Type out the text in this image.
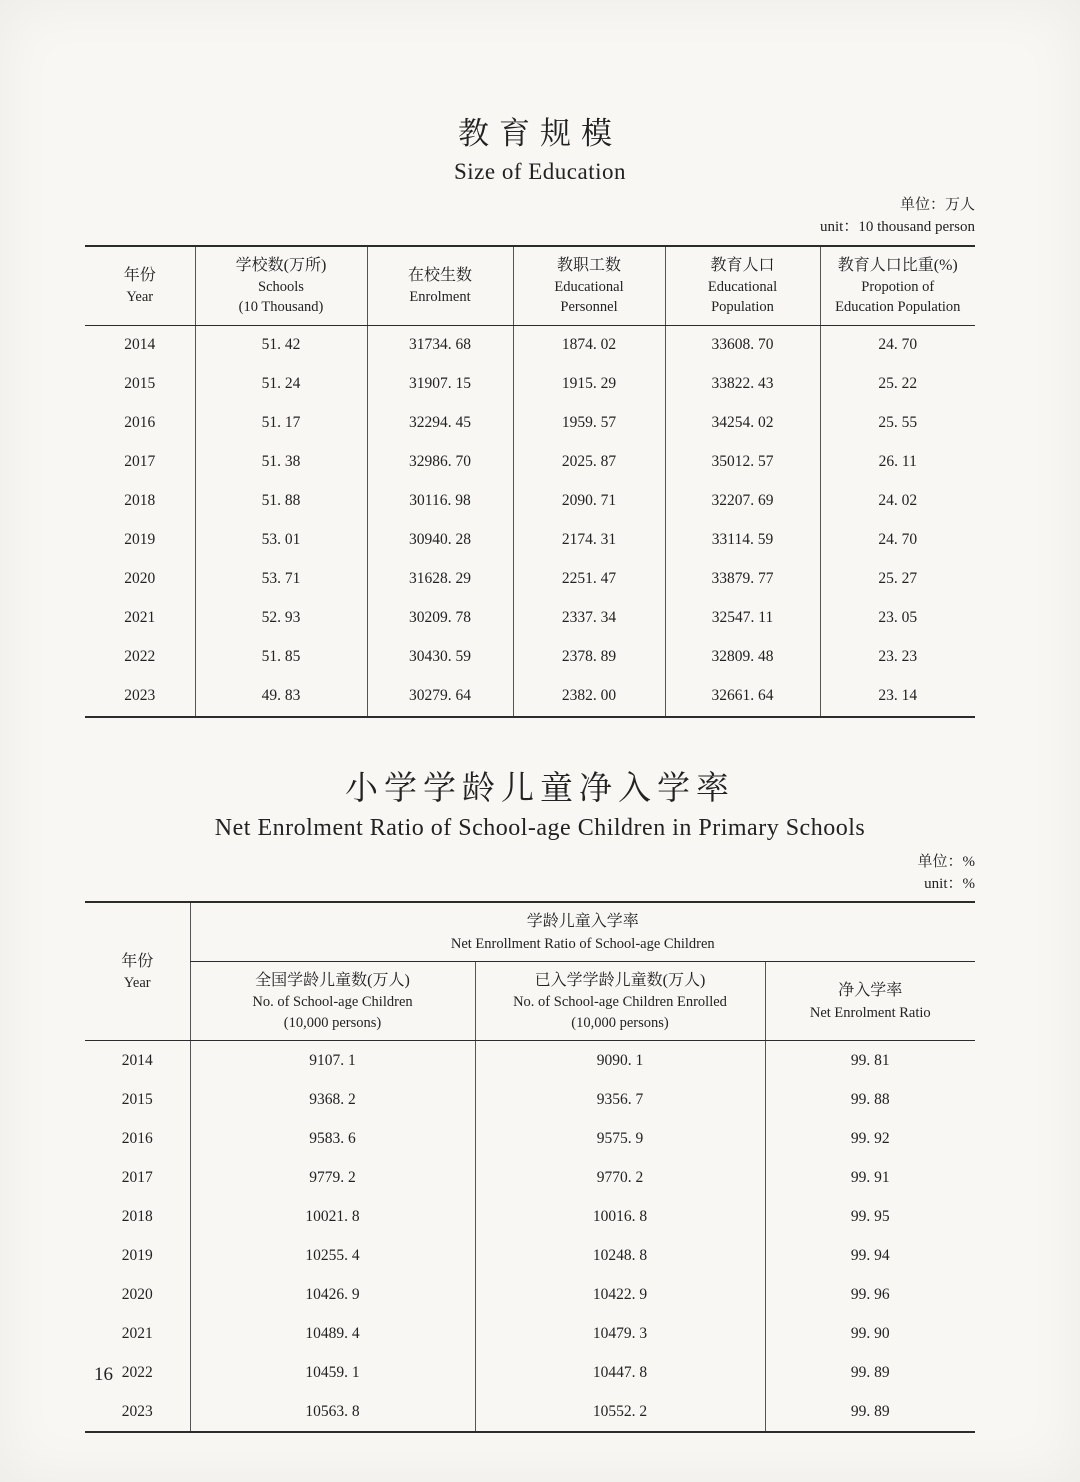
教育规模
Size of Education
单位：万人
unit：10 thousand person
年份
Year

学校数(万所)
Schools
(10 Thousand)

在校生数
Enrolment

教职工数
Educational
Personnel

教育人口
Educational
Population

教育人口比重(%)
Propotion of
Education Population

2014	51. 42	31734. 68	1874. 02	33608. 70	24. 70
2015	51. 24	31907. 15	1915. 29	33822. 43	25. 22
2016	51. 17	32294. 45	1959. 57	34254. 02	25. 55
2017	51. 38	32986. 70	2025. 87	35012. 57	26. 11
2018	51. 88	30116. 98	2090. 71	32207. 69	24. 02
2019	53. 01	30940. 28	2174. 31	33114. 59	24. 70
2020	53. 71	31628. 29	2251. 47	33879. 77	25. 27
2021	52. 93	30209. 78	2337. 34	32547. 11	23. 05
2022	51. 85	30430. 59	2378. 89	32809. 48	23. 23
2023	49. 83	30279. 64	2382. 00	32661. 64	23. 14
小学学龄儿童净入学率
Net Enrolment Ratio of School-age Children in Primary Schools
单位：%
unit：%
年份
Year

学龄儿童入学率
Net Enrollment Ratio of School-age Children

全国学龄儿童数(万人)
No. of School-age Children
(10,000 persons)

已入学学龄儿童数(万人)
No. of School-age Children Enrolled
(10,000 persons)

净入学率
Net Enrolment Ratio

2014	9107. 1	9090. 1	99. 81
2015	9368. 2	9356. 7	99. 88
2016	9583. 6	9575. 9	99. 92
2017	9779. 2	9770. 2	99. 91
2018	10021. 8	10016. 8	99. 95
2019	10255. 4	10248. 8	99. 94
2020	10426. 9	10422. 9	99. 96
2021	10489. 4	10479. 3	99. 90
2022	10459. 1	10447. 8	99. 89
2023	10563. 8	10552. 2	99. 89
16
